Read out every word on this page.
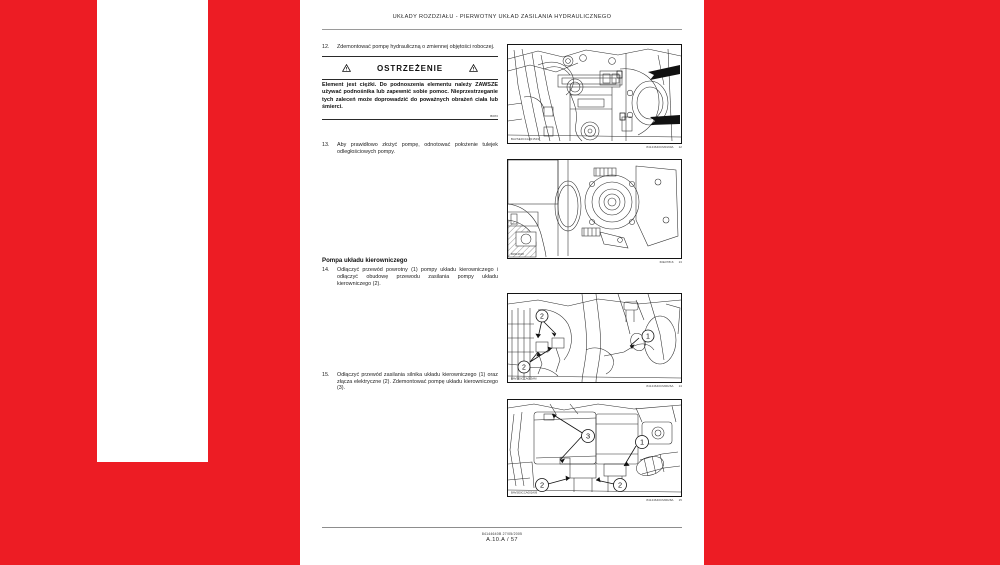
UKŁADY ROZDZIAŁU - PIERWOTNY UKŁAD ZASILANIA HYDRAULICZNEGO
12.	Zdemontować pompę hydrauliczną o zmiennej objętości roboczej.
OSTRZEŻENIE
Element jest ciężki. Do podnoszenia elementu należy ZAWSZE używać podnośnika lub zapewnić sobie pomoc. Nieprzestrzeganie tych zaleceń może doprowadzić do poważnych obrażeń ciała lub śmierci.
B083
13.	Aby prawidłowo złożyć pompę, odnotować położenie tulejek odległościowych pompy.
Pompa układu kierowniczego
14.	Odłączyć przewód powrotny (1) pompy układu kierowniczego i odłączyć obudowę przewodu zasilania pompy układu kierowniczego (2).
15.	Odłączyć przewód zasilania silnika układu kierowniczego (1) oraz złącza elektryczne (2). Zdemontować pompę układu kierowniczego (3).
BAVSE0CCA001503
84144640CM0190A 12
B3313618
60E37816 13
2
2
1
BAVSE0CCA003AM
84144640CM0026A 14
3
2	2
1
BAVSE0CCA002A09
84144640CM0028A 15
84144640B 27/05/2005
A.10.A / 57
